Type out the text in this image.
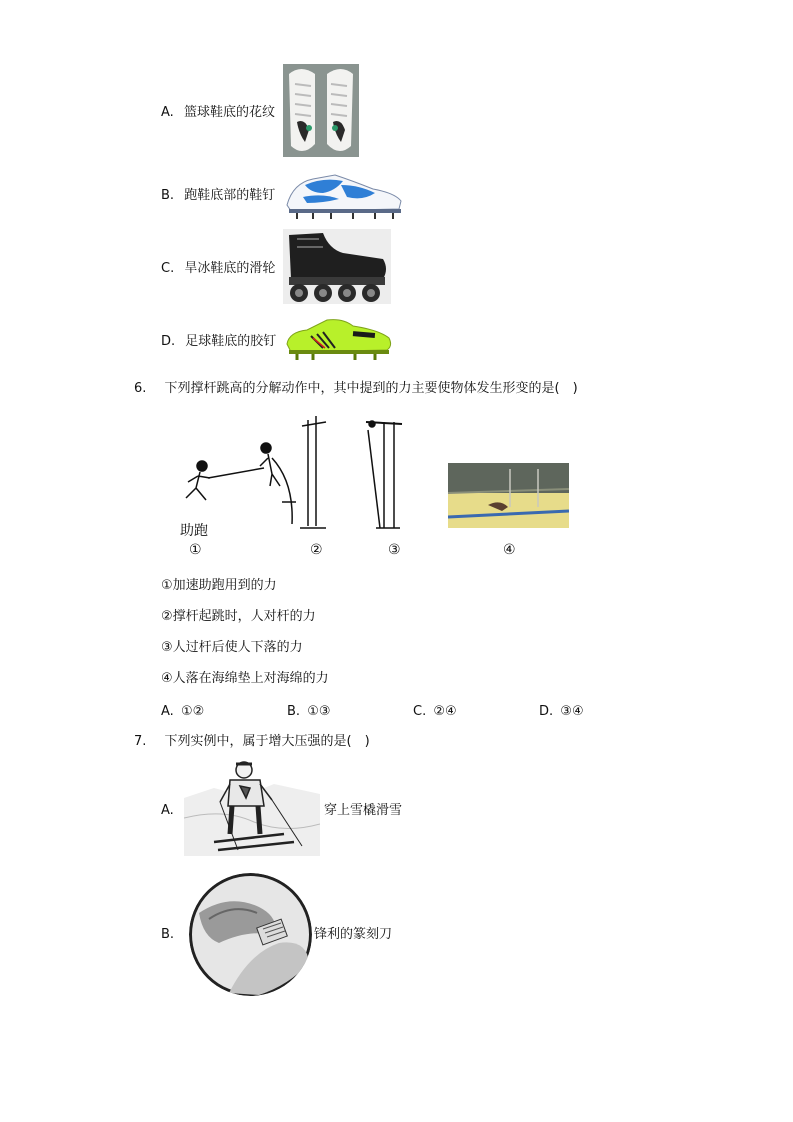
A. 篮球鞋底的花纹
B. 跑鞋底部的鞋钉
C. 旱冰鞋底的滑轮
D. 足球鞋底的胶钉
6. 下列撑杆跳高的分解动作中，其中提到的力主要使物体发生形变的是(　)
助跑
①	②	③	④
①加速助跑用到的力
②撑杆起跳时，人对杆的力
③人过杆后使人下落的力
④人落在海绵垫上对海绵的力
A. ①②	B. ①③	C. ②④	D. ③④
7. 下列实例中，属于增大压强的是(　)
A.	穿上雪橇滑雪
B.	锋利的篆刻刀
